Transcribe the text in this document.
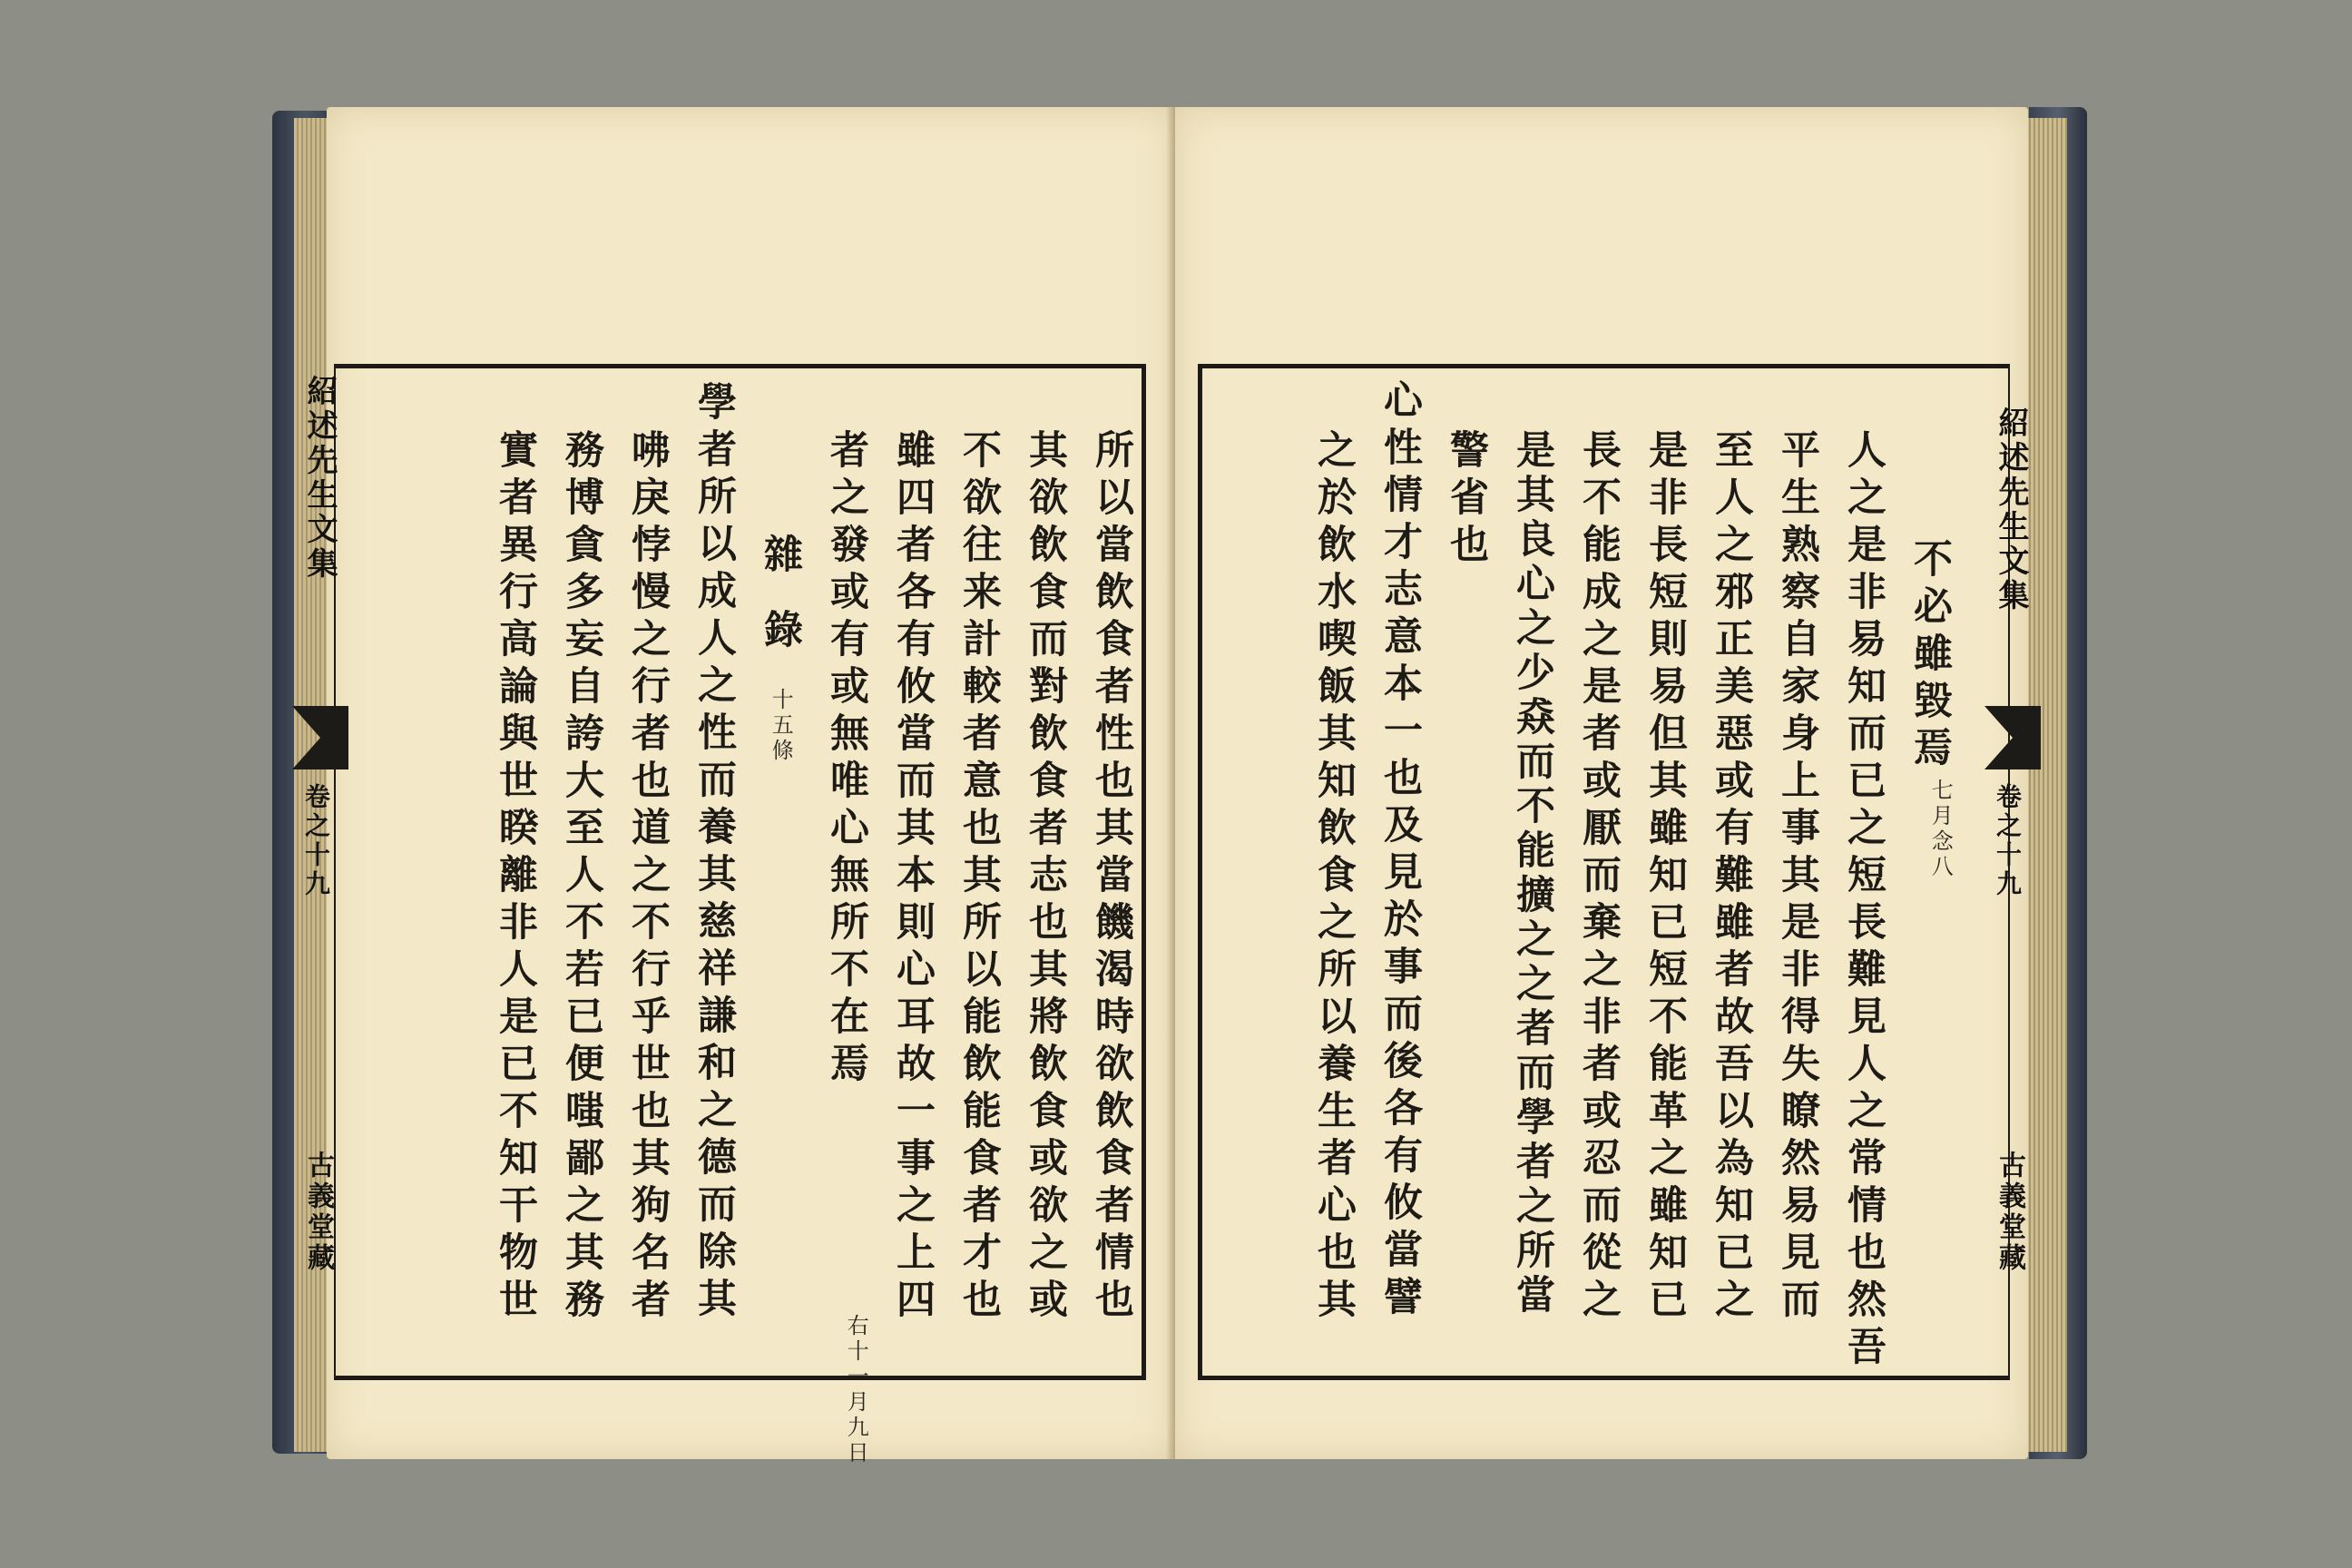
紹述先生文集
卷之十九
古義堂藏	所以當飲食者性也其當饑渴時欲飲食者情也
其欲飲食而對飲食者志也其將飲食或欲之或
不欲往来計較者意也其所以能飲能食者才也
雖四者各有攸當而其本則心耳故一事之上四
者之發或有或無唯心無所不在焉
右十一月九日
雜錄
十五條
學者所以成人之性而養其慈祥謙和之德而除其
咈戾悖慢之行者也道之不行乎世也其狗名者
務博貪多妄自誇大至人不若已便嗤鄙之其務
實者異行高論與世睽離非人是已不知干物世	紹述先生文集
卷之十九
古義堂藏

不必雖毀焉
七月念八
人之是非易知而已之短長難見人之常情也然吾
平生熟察自家身上事其是非得失瞭然易見而
至人之邪正美惡或有難雖者故吾以為知已之
是非長短則易但其雖知已短不能革之雖知已
長不能成之是者或厭而棄之非者或忍而從之
是其良心之少猋而不能擴之之者而學者之所當
警省也
心性情才志意本一也及見於事而後各有攸當譬
之於飲水喫飯其知飲食之所以養生者心也其
